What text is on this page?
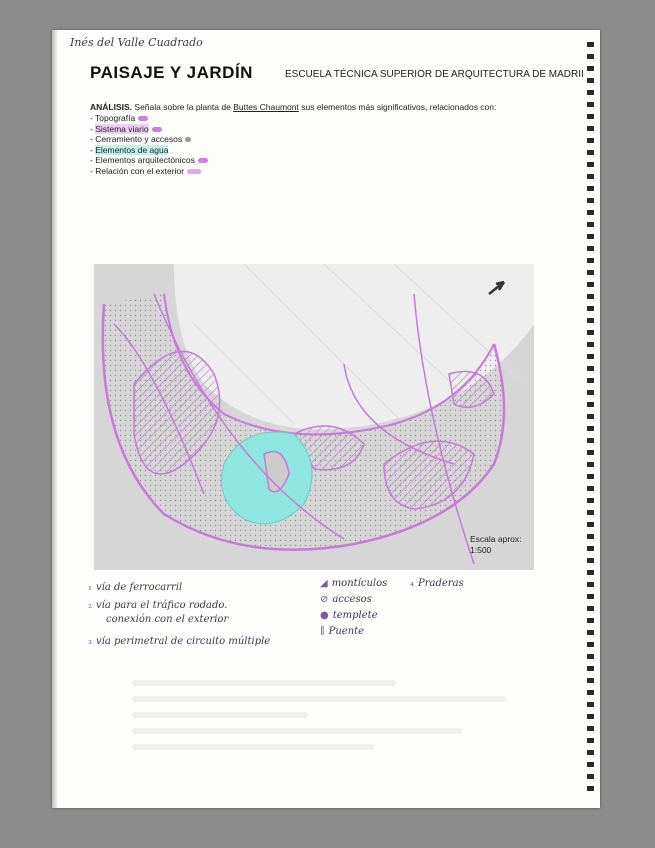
Inés del Valle Cuadrado
PAISAJE Y JARDÍN	ESCUELA TÉCNICA SUPERIOR DE ARQUITECTURA DE MADRII
ANÁLISIS. Señala sobre la planta de Buttes Chaumont sus elementos más significativos, relacionados con:
- Topografía
- Sistema viario
- Cerramiento y accesos
- Elementos de agua
- Elementos arquitectónicos
- Relación con el exterior
Escala aprox:
1:500
₁ vía de ferrocarril
₂ vía para el tráfico rodado.
conexión con el exterior
₃ vía perimetral de circuito múltiple
◢ montículos ₄ Praderas
⊘ accesos
● templete
∥ Puente
